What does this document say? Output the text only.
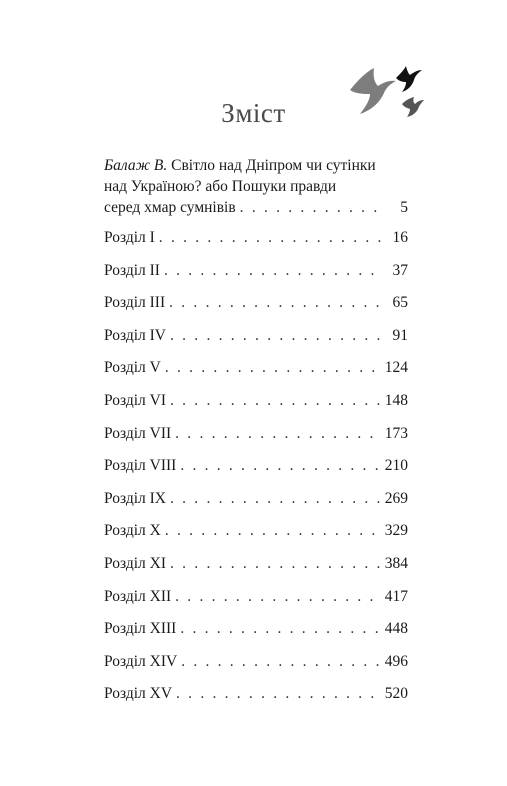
Зміст
Балаж В. Світло над Дніпром чи сутінки
над Україною? або Пошуки правди
серед хмар сумнівів . . .	5
Розділ I . . .	16
Розділ II . . .	37
Розділ III . . .	65
Розділ IV . . .	91
Розділ V . . .	124
Розділ VI . . .	148
Розділ VII . . .	173
Розділ VIII . . .	210
Розділ IX . . .	269
Розділ X . . .	329
Розділ XI . . .	384
Розділ XII . . .	417
Розділ XIII . . .	448
Розділ XIV . . .	496
Розділ XV . . .	520
